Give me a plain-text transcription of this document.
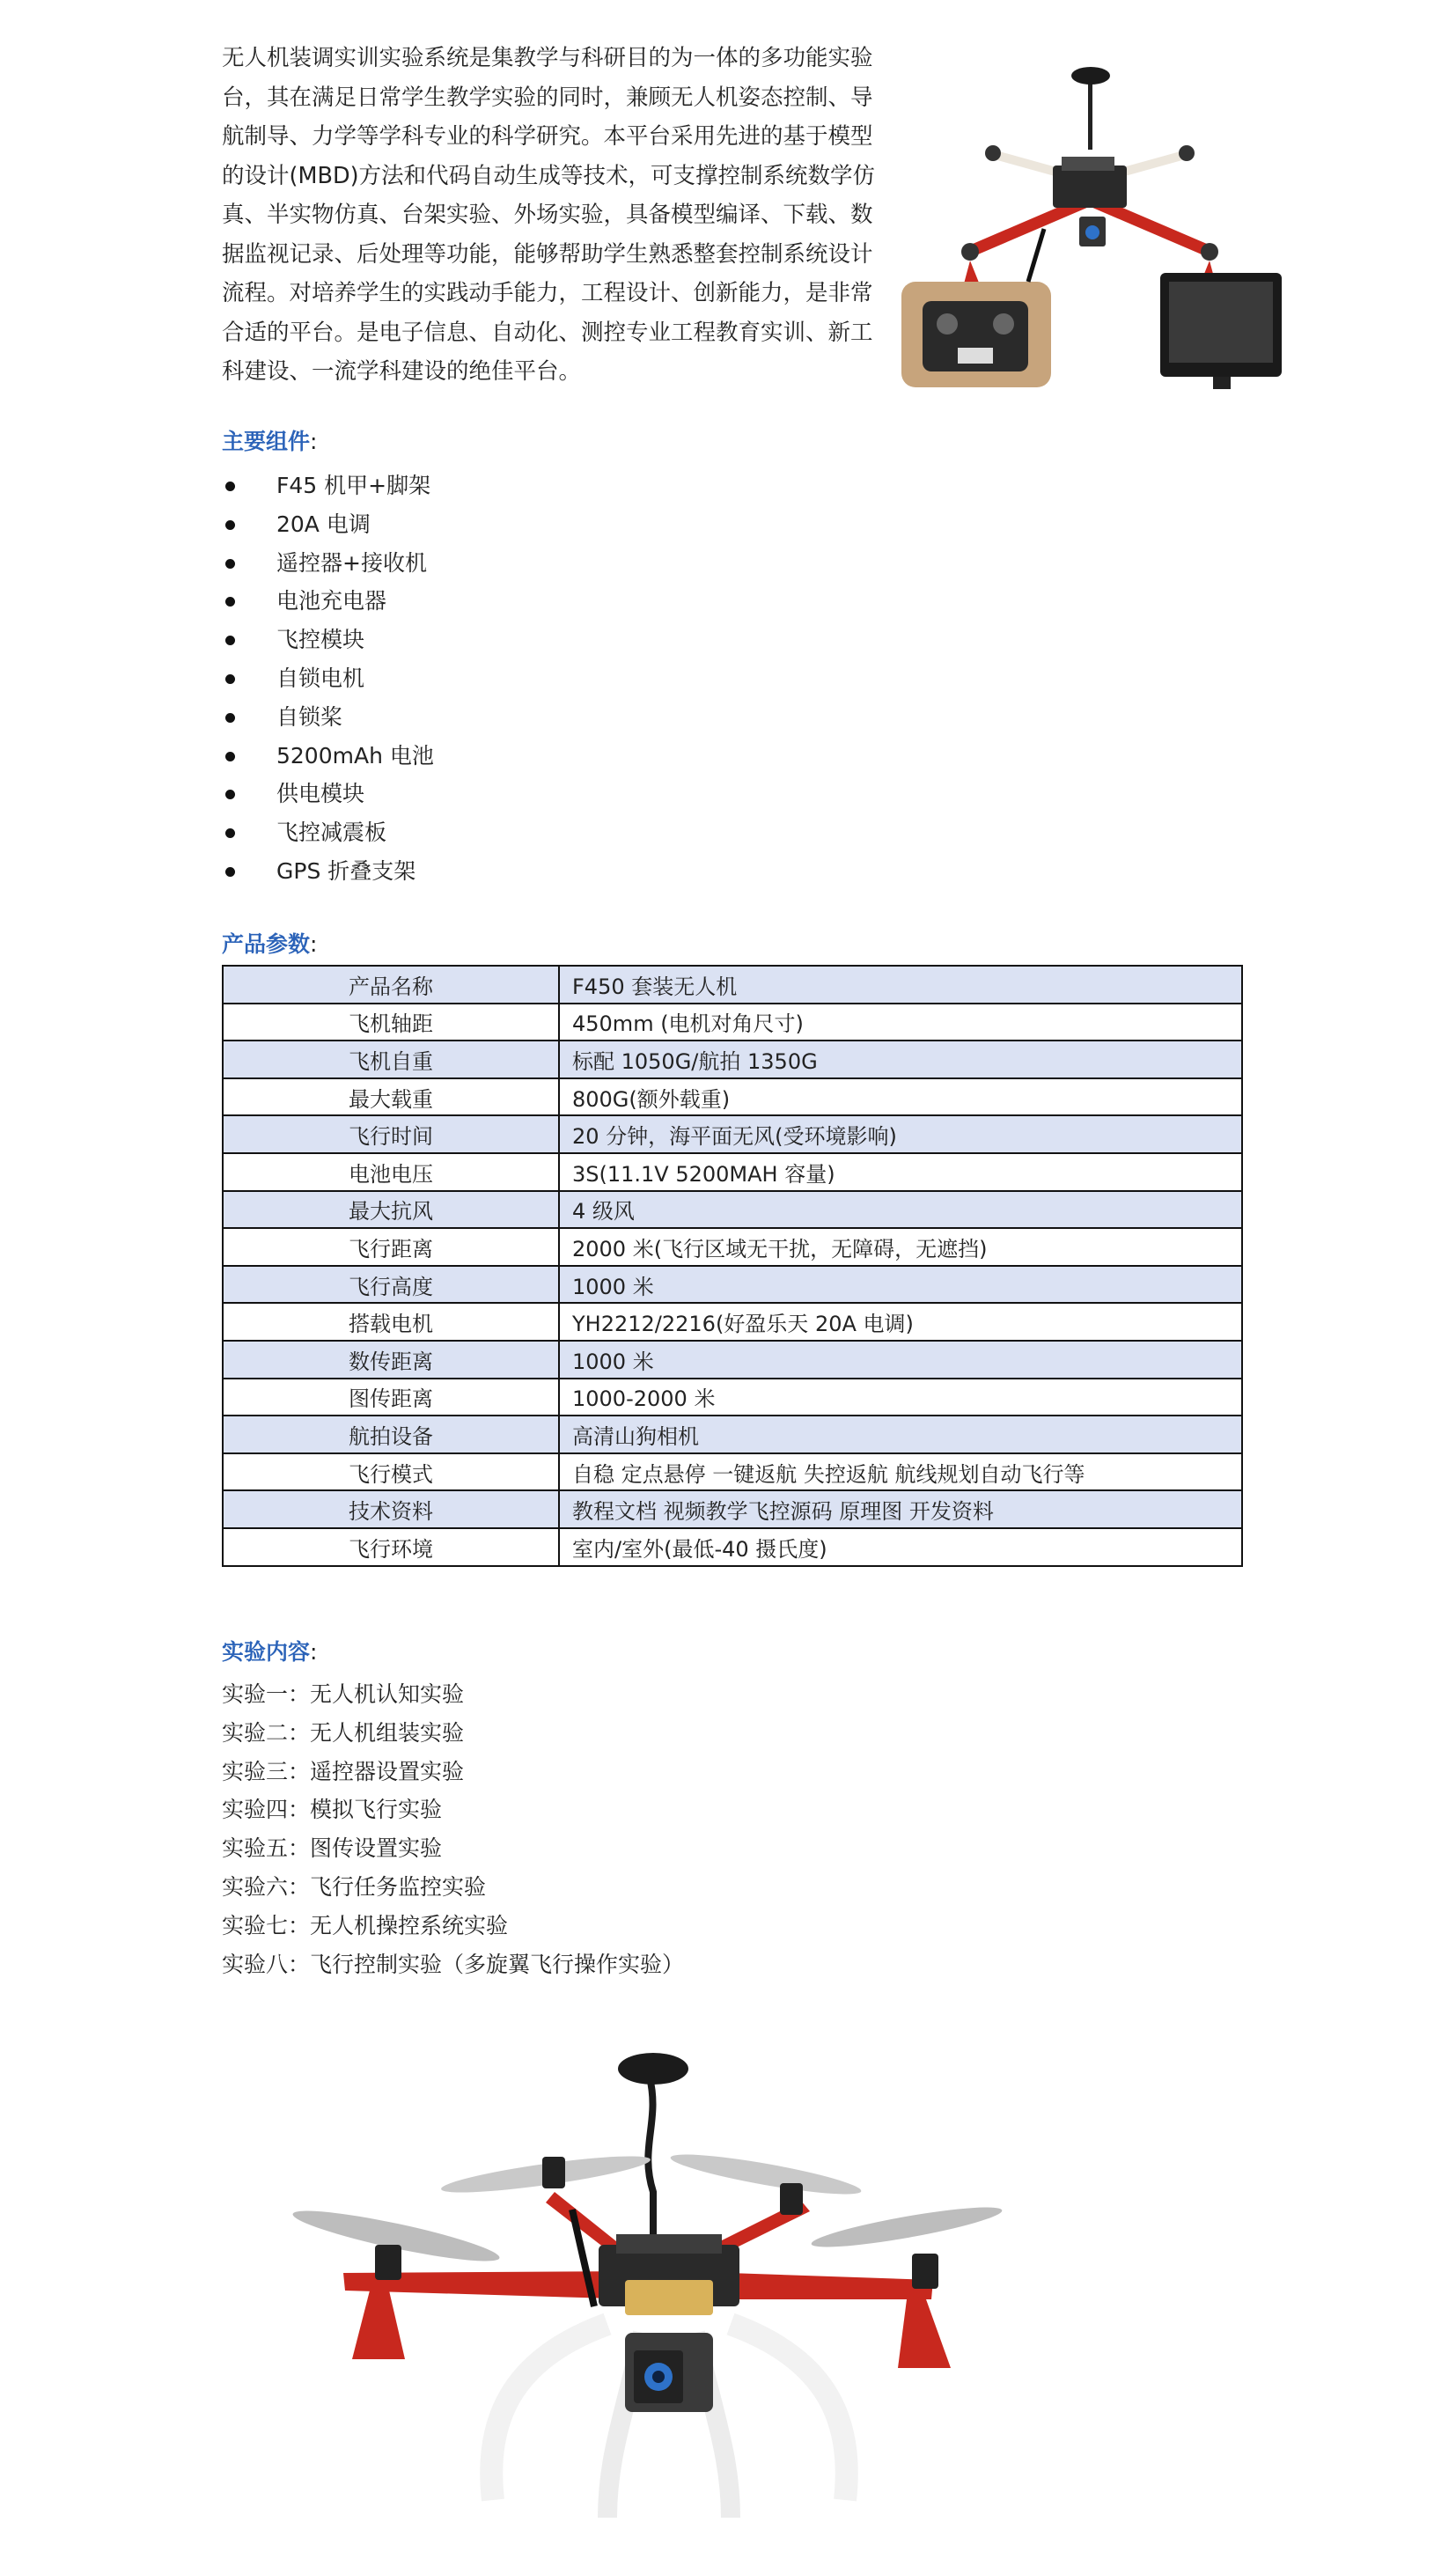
无人机装调实训实验系统是集教学与科研目的为一体的多功能实验台，其在满足日常学生教学实验的同时，兼顾无人机姿态控制、导航制导、力学等学科专业的科学研究。本平台采用先进的基于模型的设计(MBD)方法和代码自动生成等技术，可支撑控制系统数学仿真、半实物仿真、台架实验、外场实验，具备模型编译、下载、数据监视记录、后处理等功能，能够帮助学生熟悉整套控制系统设计流程。对培养学生的实践动手能力，工程设计、创新能力，是非常合适的平台。是电子信息、自动化、测控专业工程教育实训、新工科建设、一流学科建设的绝佳平台。
主要组件:
F45 机甲+脚架
20A 电调
遥控器+接收机
电池充电器
飞控模块
自锁电机
自锁桨
5200mAh 电池
供电模块
飞控减震板
GPS 折叠支架
产品参数:
产品名称	F450 套装无人机
飞机轴距	450mm (电机对角尺寸)
飞机自重	标配 1050G/航拍 1350G
最大载重	800G(额外载重)
飞行时间	20 分钟，海平面无风(受环境影响)
电池电压	3S(11.1V 5200MAH 容量)
最大抗风	4 级风
飞行距离	2000 米(飞行区域无干扰，无障碍，无遮挡)
飞行高度	1000 米
搭载电机	YH2212/2216(好盈乐天 20A 电调)
数传距离	1000 米
图传距离	1000-2000 米
航拍设备	高清山狗相机
飞行模式	自稳 定点悬停 一键返航 失控返航 航线规划自动飞行等
技术资料	教程文档 视频教学飞控源码 原理图 开发资料
飞行环境	室内/室外(最低-40 摄氏度)
实验内容:
实验一：无人机认知实验
实验二：无人机组装实验
实验三：遥控器设置实验
实验四：模拟飞行实验
实验五：图传设置实验
实验六：飞行任务监控实验
实验七：无人机操控系统实验
实验八：飞行控制实验（多旋翼飞行操作实验）
